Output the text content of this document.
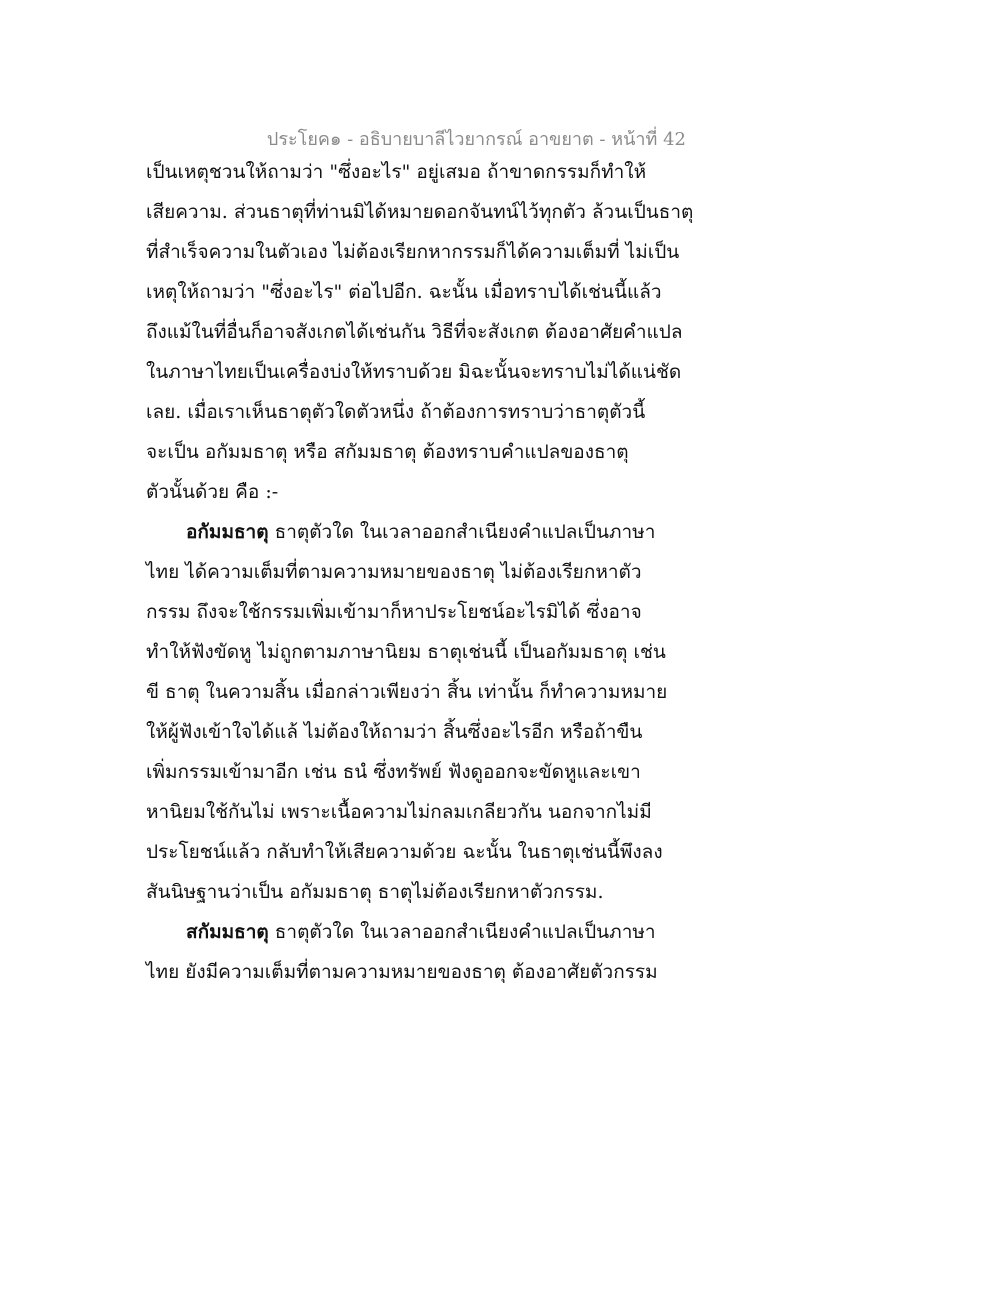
ประโยค๑ - อธิบายบาลีไวยากรณ์ อาขยาต - หน้าที่ 42
เป็นเหตุชวนให้ถามว่า "ซึ่งอะไร" อยู่เสมอ ถ้าขาดกรรมก็ทำให้
เสียความ. ส่วนธาตุที่ท่านมิได้หมายดอกจันทน์ไว้ทุกตัว ล้วนเป็นธาตุ
ที่สำเร็จความในตัวเอง ไม่ต้องเรียกหากรรมก็ได้ความเต็มที่ ไม่เป็น
เหตุให้ถามว่า "ซึ่งอะไร" ต่อไปอีก. ฉะนั้น เมื่อทราบได้เช่นนี้แล้ว
ถึงแม้ในที่อื่นก็อาจสังเกตได้เช่นกัน วิธีที่จะสังเกต ต้องอาศัยคำแปล
ในภาษาไทยเป็นเครื่องบ่งให้ทราบด้วย มิฉะนั้นจะทราบไม่ได้แน่ชัด
เลย. เมื่อเราเห็นธาตุตัวใดตัวหนึ่ง ถ้าต้องการทราบว่าธาตุตัวนี้
จะเป็น อกัมมธาตุ หรือ สกัมมธาตุ ต้องทราบคำแปลของธาตุ
ตัวนั้นด้วย คือ :-
อกัมมธาตุ ธาตุตัวใด ในเวลาออกสำเนียงคำแปลเป็นภาษา
ไทย ได้ความเต็มที่ตามความหมายของธาตุ ไม่ต้องเรียกหาตัว
กรรม ถึงจะใช้กรรมเพิ่มเข้ามาก็หาประโยชน์อะไรมิได้ ซึ่งอาจ
ทำให้ฟังขัดหู ไม่ถูกตามภาษานิยม ธาตุเช่นนี้ เป็นอกัมมธาตุ เช่น
ขี ธาตุ ในความสิ้น เมื่อกล่าวเพียงว่า สิ้น เท่านั้น ก็ทำความหมาย
ให้ผู้ฟังเข้าใจได้แล้ ไม่ต้องให้ถามว่า สิ้นซึ่งอะไรอีก หรือถ้าขืน
เพิ่มกรรมเข้ามาอีก เช่น ธนํ ซึ่งทรัพย์ ฟังดูออกจะขัดหูและเขา
หานิยมใช้กันไม่ เพราะเนื้อความไม่กลมเกลียวกัน นอกจากไม่มี
ประโยชน์แล้ว กลับทำให้เสียความด้วย ฉะนั้น ในธาตุเช่นนี้พึงลง
สันนิษฐานว่าเป็น อกัมมธาตุ ธาตุไม่ต้องเรียกหาตัวกรรม.
สกัมมธาตุ ธาตุตัวใด ในเวลาออกสำเนียงคำแปลเป็นภาษา
ไทย ยังมีความเต็มที่ตามความหมายของธาตุ ต้องอาศัยตัวกรรม
